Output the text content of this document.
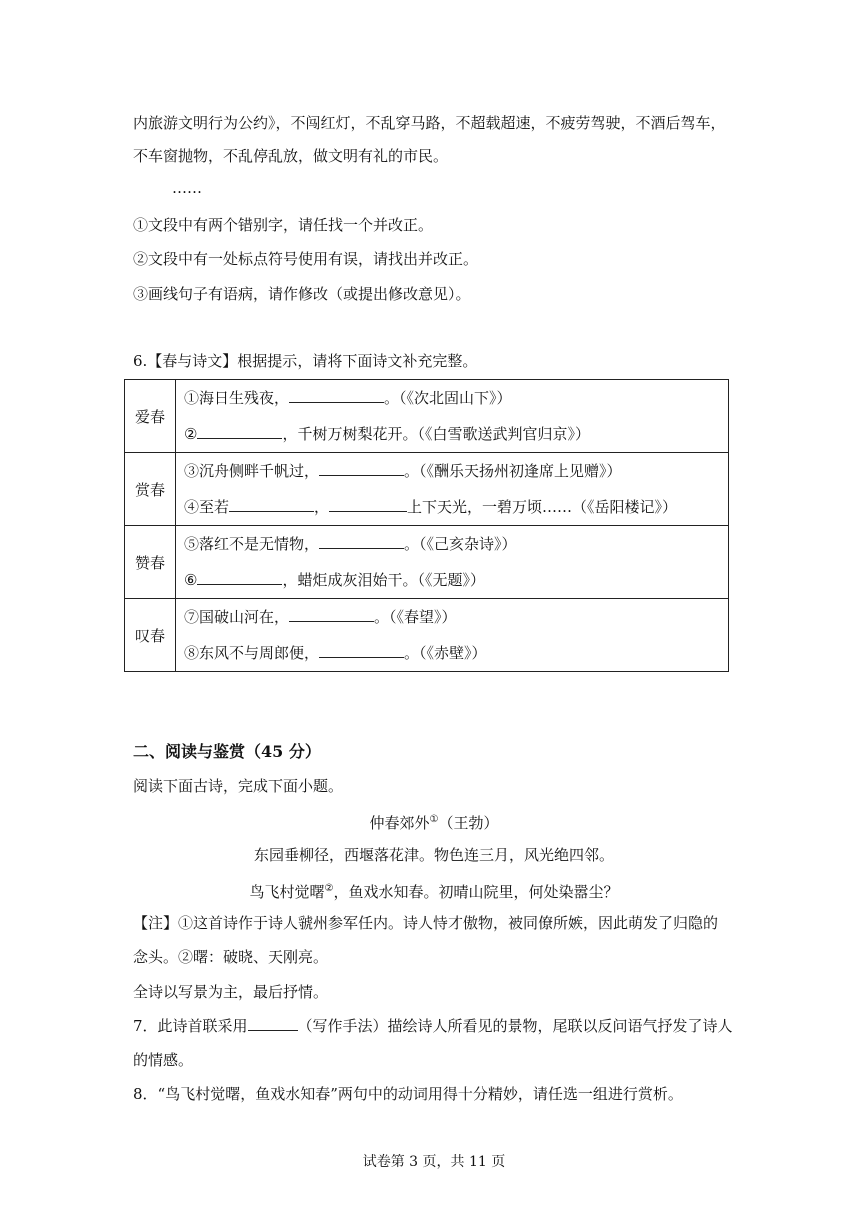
内旅游文明行为公约》，不闯红灯，不乱穿马路，不超载超速，不疲劳驾驶，不酒后驾车，
不车窗抛物，不乱停乱放，做文明有礼的市民。
……
①文段中有两个错别字，请任找一个并改正。
②文段中有一处标点符号使用有误，请找出并改正。
③画线句子有语病，请作修改（或提出修改意见）。
6.【春与诗文】根据提示，请将下面诗文补充完整。
爱春	①海日生残夜， 。（《次北固山下》）
② ，千树万树梨花开。（《白雪歌送武判官归京》）

赏春	③沉舟侧畔千帆过， 。（《酬乐天扬州初逢席上见赠》）
④至若 ， 上下天光，一碧万顷……（《岳阳楼记》）

赞春	⑤落红不是无情物， 。（《己亥杂诗》）
⑥ ，蜡炬成灰泪始干。（《无题》）

叹春	⑦国破山河在， 。（《春望》）
⑧东风不与周郎便， 。（《赤壁》）
二、阅读与鉴赏（45 分）
阅读下面古诗，完成下面小题。
仲春郊外①（王勃）
东园垂柳径，西堰落花津。物色连三月，风光绝四邻。
鸟飞村觉曙②，鱼戏水知春。初晴山院里，何处染嚣尘？
【注】①这首诗作于诗人虢州参军任内。诗人恃才傲物，被同僚所嫉，因此萌发了归隐的
念头。②曙：破晓、天刚亮。
全诗以写景为主，最后抒情。
7．此诗首联采用	（写作手法）描绘诗人所看见的景物，尾联以反问语气抒发了诗人
的情感。
8．“鸟飞村觉曙，鱼戏水知春”两句中的动词用得十分精妙，请任选一组进行赏析。
试卷第 3 页，共 11 页
